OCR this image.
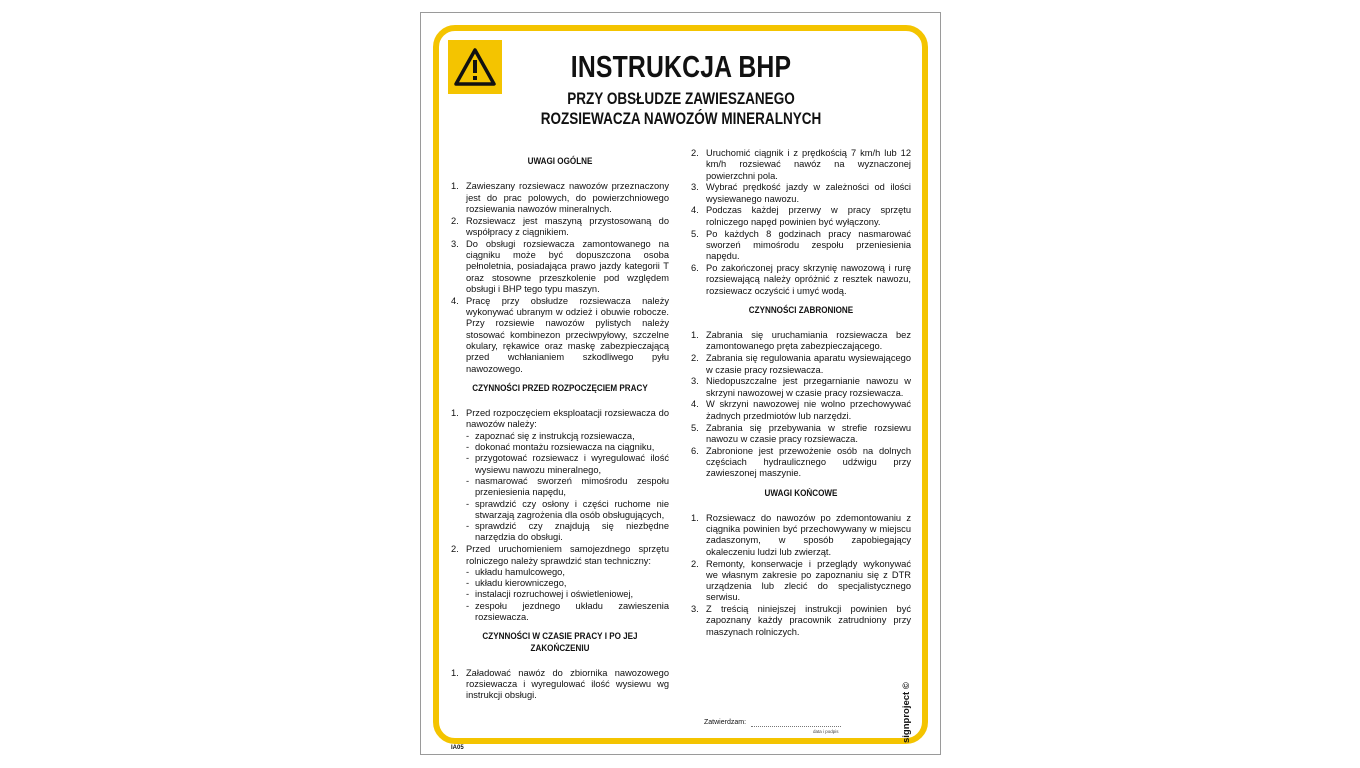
INSTRUKCJA BHP
PRZY OBSŁUDZE ZAWIESZANEGO
ROZSIEWACZA NAWOZÓW MINERALNYCH
UWAGI OGÓLNE
1. Zawieszany rozsiewacz nawozów przeznaczony jest do prac polowych, do powierzchniowego rozsiewania nawozów mineralnych.
2. Rozsiewacz jest maszyną przystosowaną do współpracy z ciągnikiem.
3. Do obsługi rozsiewacza zamontowanego na ciągniku może być dopuszczona osoba pełnoletnia, posiadająca prawo jazdy kategorii T oraz stosowne przeszkolenie pod względem obsługi i BHP tego typu maszyn.
4. Pracę przy obsłudze rozsiewacza należy wykonywać ubranym w odzież i obuwie robocze. Przy rozsiewie nawozów pylistych należy stosować kombinezon przeciwpyłowy, szczelne okulary, rękawice oraz maskę zabezpieczającą przed wchłanianiem szkodliwego pyłu nawozowego.
CZYNNOŚCI PRZED ROZPOCZĘCIEM PRACY
1. Przed rozpoczęciem eksploatacji rozsiewacza do nawozów należy:
- zapoznać się z instrukcją rozsiewacza,
- dokonać montażu rozsiewacza na ciągniku,
- przygotować rozsiewacz i wyregulować ilość wysiewu nawozu mineralnego,
- nasmarować sworzeń mimośrodu zespołu przeniesienia napędu,
- sprawdzić czy osłony i części ruchome nie stwarzają zagrożenia dla osób obsługujących,
- sprawdzić czy znajdują się niezbędne narzędzia do obsługi.
2. Przed uruchomieniem samojezdnego sprzętu rolniczego należy sprawdzić stan techniczny:
- układu hamulcowego,
- układu kierowniczego,
- instalacji rozruchowej i oświetleniowej,
- zespołu jezdnego układu zawieszenia rozsiewacza.
CZYNNOŚCI W CZASIE PRACY I PO JEJ ZAKOŃCZENIU
1. Załadować nawóz do zbiornika nawozowego rozsiewacza i wyregulować ilość wysiewu wg instrukcji obsługi.
2. Uruchomić ciągnik i z prędkością 7 km/h lub 12 km/h rozsiewać nawóz na wyznaczonej powierzchni pola.
3. Wybrać prędkość jazdy w zależności od ilości wysiewanego nawozu.
4. Podczas każdej przerwy w pracy sprzętu rolniczego napęd powinien być wyłączony.
5. Po każdych 8 godzinach pracy nasmarować sworzeń mimośrodu zespołu przeniesienia napędu.
6. Po zakończonej pracy skrzynię nawozową i rurę rozsiewającą należy opróżnić z resztek nawozu, rozsiewacz oczyścić i umyć wodą.
CZYNNOŚCI ZABRONIONE
1. Zabrania się uruchamiania rozsiewacza bez zamontowanego pręta zabezpieczającego.
2. Zabrania się regulowania aparatu wysiewającego w czasie pracy rozsiewacza.
3. Niedopuszczalne jest przegarnianie nawozu w skrzyni nawozowej w czasie pracy rozsiewacza.
4. W skrzyni nawozowej nie wolno przechowywać żadnych przedmiotów lub narzędzi.
5. Zabrania się przebywania w strefie rozsiewu nawozu w czasie pracy rozsiewacza.
6. Zabronione jest przewożenie osób na dolnych częściach hydraulicznego udźwigu przy zawieszonej maszynie.
UWAGI KOŃCOWE
1. Rozsiewacz do nawozów po zdemontowaniu z ciągnika powinien być przechowywany w miejscu zadaszonym, w sposób zapobiegający okaleczeniu ludzi lub zwierząt.
2. Remonty, konserwacje i przeglądy wykonywać we własnym zakresie po zapoznaniu się z DTR urządzenia lub zlecić do specjalistycznego serwisu.
3. Z treścią niniejszej instrukcji powinien być zapoznany każdy pracownik zatrudniony przy maszynach rolniczych.
Zatwierdzam:
data i podpis	signproject ©
IA05
